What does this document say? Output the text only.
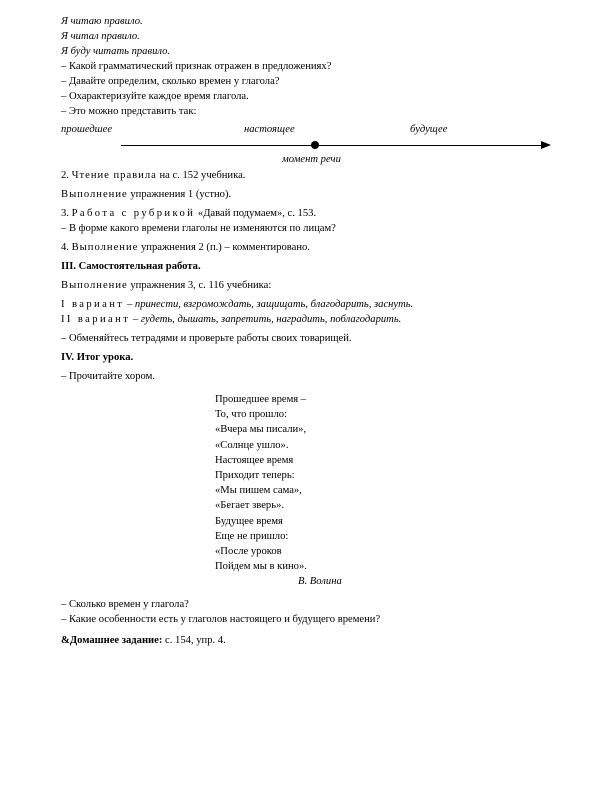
Я читаю правило.
Я читал правило.
Я буду читать правило.
– Какой грамматический признак отражен в предложениях?
– Давайте определим, сколько времен у глагола?
– Охарактеризуйте каждое время глагола.
– Это можно представить так:
прошедшее	настоящее	будущее
момент речи
2. Чтение правила на с. 152 учебника.
Выполнение упражнения 1 (устно).
3. Работа с рубрикой «Давай подумаем», с. 153.
– В форме какого времени глаголы не изменяются по лицам?
4. Выполнение упражнения 2 (п.) – комментировано.
III. Самостоятельная работа.
Выполнение упражнения 3, с. 116 учебника:
I вариант – принести, взгромождать, защищать, благодарить, заснуть.
II вариант – гудеть, дышать, запретить, наградить, поблагодарить.
– Обменяйтесь тетрадями и проверьте работы своих товарищей.
IV. Итог урока.
– Прочитайте хором.
Прошедшее время –
То, что прошло:
«Вчера мы писали»,
«Солнце ушло».
Настоящее время
Приходит теперь:
«Мы пишем сама»,
«Бегает зверь».
Будущее время
Еще не пришло:
«После уроков
Пойдем мы в кино».
В. Волина
– Сколько времен у глагола?
– Какие особенности есть у глаголов настоящего и будущего времени?
&Домашнее задание: с. 154, упр. 4.
